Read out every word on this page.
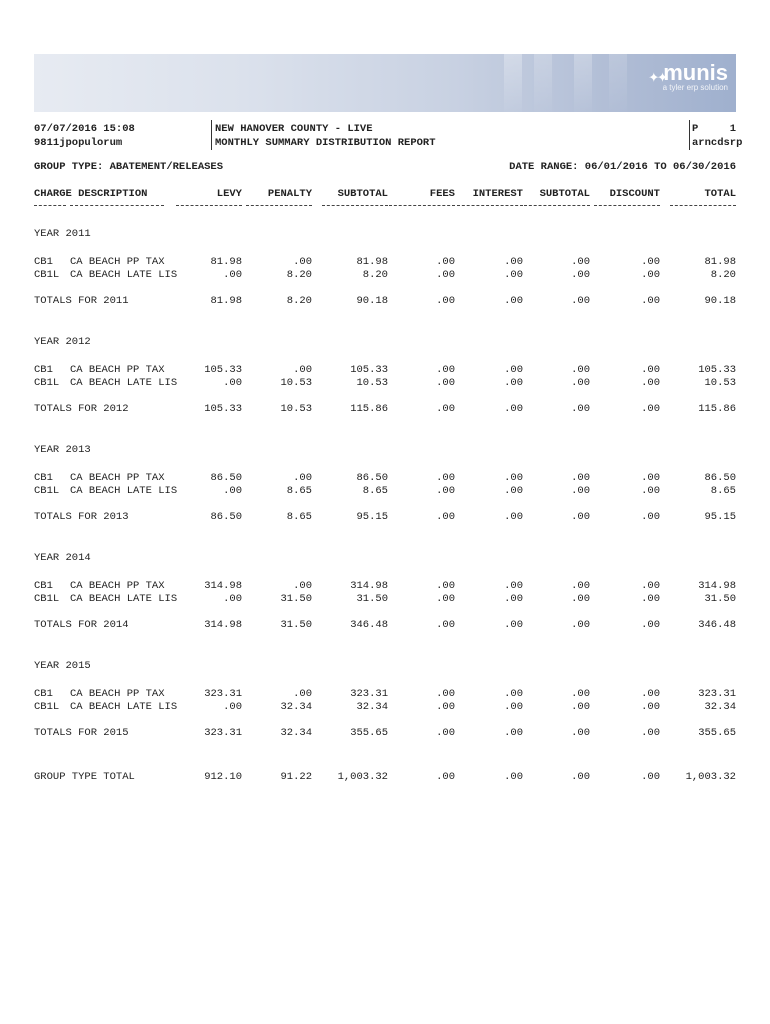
✦✦
munis
a tyler erp solution
07/07/2016 15:08
9811jpopulorum
NEW HANOVER COUNTY - LIVE
MONTHLY SUMMARY DISTRIBUTION REPORT
P	1
arncdsrp
GROUP TYPE: ABATEMENT/RELEASES	DATE RANGE: 06/01/2016 TO 06/30/2016
CHARGE DESCRIPTION	LEVY	PENALTY	SUBTOTAL	FEES	INTEREST	SUBTOTAL	DISCOUNT	TOTAL
YEAR 2011
CB1 CA BEACH PP TAX	81.98	.00	81.98	.00	.00	.00	.00	81.98
CB1L CA BEACH LATE LIS	.00	8.20	8.20	.00	.00	.00	.00	8.20
TOTALS FOR 2011	81.98	8.20	90.18	.00	.00	.00	.00	90.18
YEAR 2012
CB1 CA BEACH PP TAX	105.33	.00	105.33	.00	.00	.00	.00	105.33
CB1L CA BEACH LATE LIS	.00	10.53	10.53	.00	.00	.00	.00	10.53
TOTALS FOR 2012	105.33	10.53	115.86	.00	.00	.00	.00	115.86
YEAR 2013
CB1 CA BEACH PP TAX	86.50	.00	86.50	.00	.00	.00	.00	86.50
CB1L CA BEACH LATE LIS	.00	8.65	8.65	.00	.00	.00	.00	8.65
TOTALS FOR 2013	86.50	8.65	95.15	.00	.00	.00	.00	95.15
YEAR 2014
CB1 CA BEACH PP TAX	314.98	.00	314.98	.00	.00	.00	.00	314.98
CB1L CA BEACH LATE LIS	.00	31.50	31.50	.00	.00	.00	.00	31.50
TOTALS FOR 2014	314.98	31.50	346.48	.00	.00	.00	.00	346.48
YEAR 2015
CB1 CA BEACH PP TAX	323.31	.00	323.31	.00	.00	.00	.00	323.31
CB1L CA BEACH LATE LIS	.00	32.34	32.34	.00	.00	.00	.00	32.34
TOTALS FOR 2015	323.31	32.34	355.65	.00	.00	.00	.00	355.65
GROUP TYPE TOTAL	912.10	91.22	1,003.32	.00	.00	.00	.00	1,003.32
